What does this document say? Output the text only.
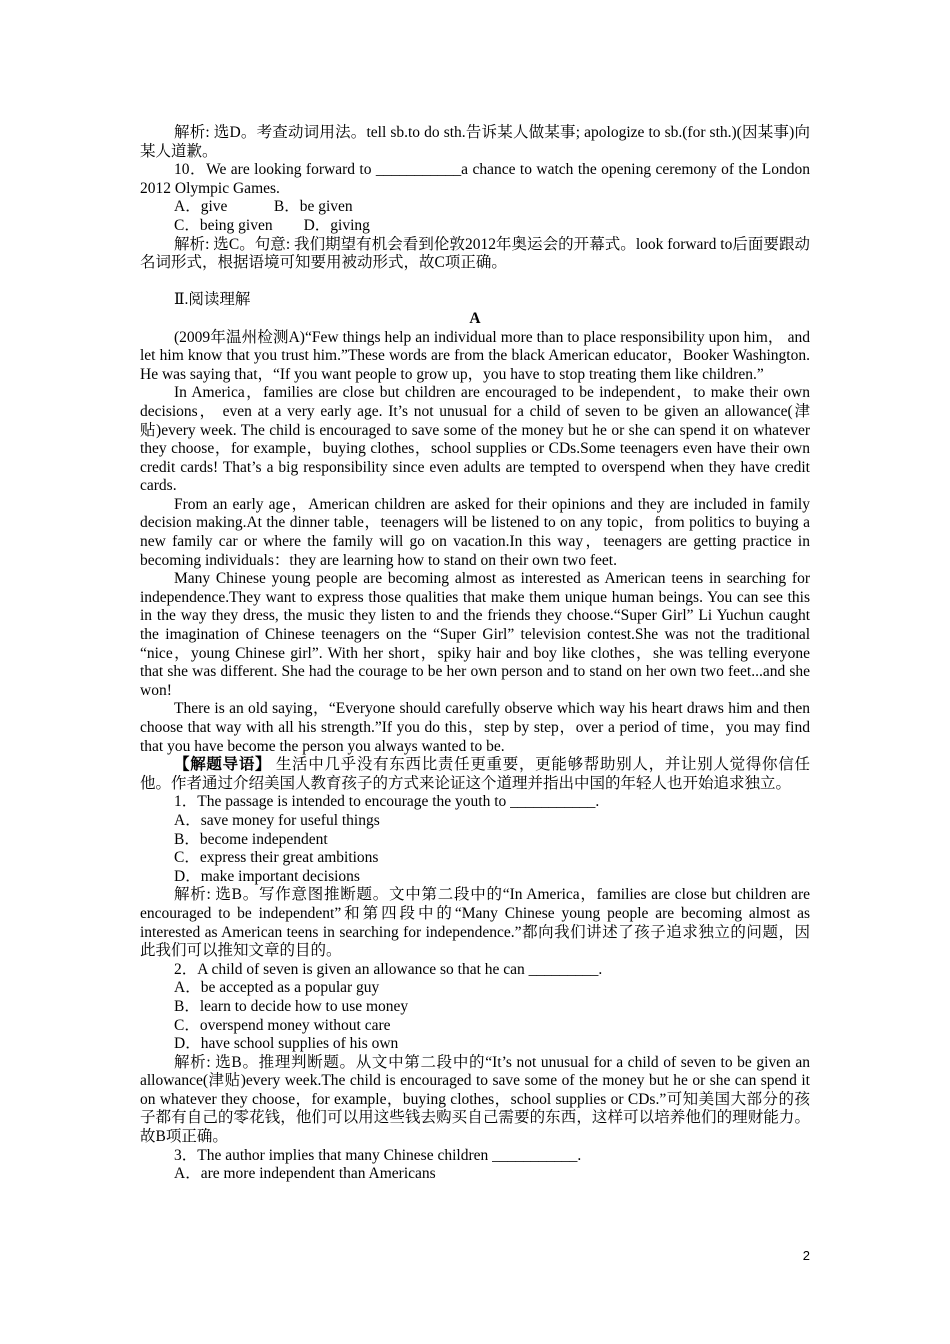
解析: 选D。考查动词用法。tell sb.to do sth.告诉某人做某事; apologize to sb.(for sth.)(因某事)向某人道歉。

10．We are looking forward to ___________a chance to watch the opening ceremony of the London 2012 Olympic Games.

A．give            B．be given

C．being given        D．giving

解析: 选C。句意: 我们期望有机会看到伦敦2012年奥运会的开幕式。look forward to后面要跟动名词形式，根据语境可知要用被动形式，故C项正确。

Ⅱ.阅读理解

A

(2009年温州检测A)“Few things help an individual more than to place responsibility upon him， and let him know that you trust him.”These words are from the black American educator，Booker Washington. He was saying that，“If you want people to grow up，you have to stop treating them like children.”

In America，families are close but children are encouraged to be independent，to make their own decisions， even at a very early age. It’s not unusual for a child of seven to be given an allowance(津贴)every week. The child is encouraged to save some of the money but he or she can spend it on whatever they choose，for example，buying clothes，school supplies or CDs.Some teenagers even have their own credit cards! That’s a big responsibility since even adults are tempted to overspend when they have credit cards.

From an early age，American children are asked for their opinions and they are included in family decision making.At the dinner table，teenagers will be listened to on any topic，from politics to buying a new family car or where the family will go on vacation.In this way，teenagers are getting practice in becoming individuals：they are learning how to stand on their own two feet.

Many Chinese young people are becoming almost as interested as American teens in searching for independence.They want to express those qualities that make them unique human beings. You can see this in the way they dress, the music they listen to and the friends they choose.“Super Girl” Li Yuchun caught the imagination of Chinese teenagers on the “Super Girl” television contest.She was not the traditional “nice，young Chinese girl”. With her short，spiky hair and boy like clothes，she was telling everyone that she was different. She had the courage to be her own person and to stand on her own two feet...and she won!

There is an old saying，“Everyone should carefully observe which way his heart draws him and then choose that way with all his strength.”If you do this，step by step，over a period of time，you may find that you have become the person you always wanted to be.

【解题导语】 生活中几乎没有东西比责任更重要，更能够帮助别人，并让别人觉得你信任他。作者通过介绍美国人教育孩子的方式来论证这个道理并指出中国的年轻人也开始追求独立。

1．The passage is intended to encourage the youth to ___________.

A．save money for useful things

B．become independent

C．express their great ambitions

D．make important decisions

解析: 选B。写作意图推断题。文中第二段中的“In America，families are close but children are encouraged to be independent”和第四段中的“Many Chinese young people are becoming almost as interested as American teens in searching for independence.”都向我们讲述了孩子追求独立的问题，因此我们可以推知文章的目的。

2．A child of seven is given an allowance so that he can _________.

A．be accepted as a popular guy

B．learn to decide how to use money

C．overspend money without care

D．have school supplies of his own

解析: 选B。推理判断题。从文中第二段中的“It’s not unusual for a child of seven to be given an allowance(津贴)every week.The child is encouraged to save some of the money but he or she can spend it on whatever they choose，for example，buying clothes，school supplies or CDs.”可知美国大部分的孩子都有自己的零花钱，他们可以用这些钱去购买自己需要的东西，这样可以培养他们的理财能力。故B项正确。

3．The author implies that many Chinese children ___________.

A．are more independent than Americans

2
